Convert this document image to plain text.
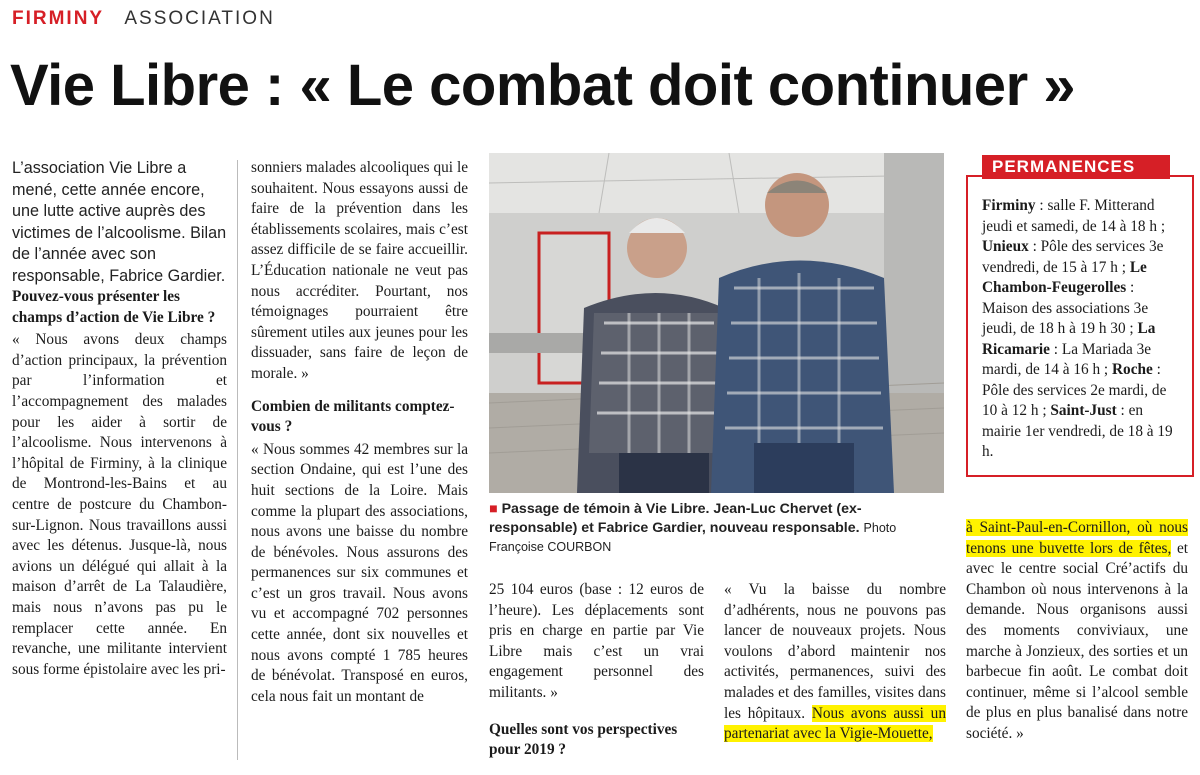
FIRMINY ASSOCIATION
Vie Libre : « Le combat doit continuer »

L’association Vie Libre a mené, cette année encore, une lutte active auprès des victimes de l’alcoolisme. Bilan de l’année avec son responsable, Fabrice Gardier.

Pouvez-vous présenter les champs d’action de Vie Libre ?

« Nous avons deux champs d’action principaux, la prévention par l’information et l’accompagnement des malades pour les aider à sortir de l’alcoolisme. Nous intervenons à l’hôpital de Firminy, à la clinique de Montrond-les-Bains et au centre de postcure du Chambon-sur-Lignon. Nous travaillons aussi avec les détenus. Jusque-là, nous avions un délégué qui allait à la maison d’arrêt de La Talaudière, mais nous n’avons pas pu le remplacer cette année. En revanche, une militante intervient sous forme épistolaire avec les pri-

sonniers malades alcooliques qui le souhaitent. Nous essayons aussi de faire de la prévention dans les établissements scolaires, mais c’est assez difficile de se faire accueillir. L’Éducation nationale ne veut pas nous accréditer. Pourtant, nos témoignages pourraient être sûrement utiles aux jeunes pour les dissuader, sans faire de leçon de morale. »

Combien de militants comptez-vous ?

« Nous sommes 42 membres sur la section Ondaine, qui est l’une des huit sections de la Loire. Mais comme la plupart des associations, nous avons une baisse du nombre de bénévoles. Nous assurons des permanences sur six communes et c’est un gros travail. Nous avons vu et accompagné 702 personnes cette année, dont six nouvelles et nous avons compté 1 785 heures de bénévolat. Transposé en euros, cela nous fait un montant de

■ Passage de témoin à Vie Libre. Jean-Luc Chervet (ex-responsable) et Fabrice Gardier, nouveau responsable. Photo Françoise COURBON

25 104 euros (base : 12 euros de l’heure). Les déplacements sont pris en charge en partie par Vie Libre mais c’est un vrai engagement personnel des militants. »

Quelles sont vos perspectives pour 2019 ?

« Vu la baisse du nombre d’adhérents, nous ne pouvons pas lancer de nouveaux projets. Nous voulons d’abord maintenir nos activités, permanences, suivi des malades et des familles, visites dans les hôpitaux. Nous avons aussi un partenariat avec la Vigie-Mouette,

PERMANENCES
Firminy : salle F. Mitterand jeudi et samedi, de 14 à 18 h ; Unieux : Pôle des services 3e vendredi, de 15 à 17 h ; Le Chambon-Feugerolles : Maison des associations 3e jeudi, de 18 h à 19 h 30 ; La Ricamarie : La Mariada 3e mardi, de 14 à 16 h ; Roche : Pôle des services 2e mardi, de 10 à 12 h ; Saint-Just : en mairie 1er vendredi, de 18 à 19 h.

à Saint-Paul-en-Cornillon, où nous tenons une buvette lors de fêtes, et avec le centre social Cré’actifs du Chambon où nous intervenons à la demande. Nous organisons aussi des moments conviviaux, une marche à Jonzieux, des sorties et un barbecue fin août. Le combat doit continuer, même si l’alcool semble de plus en plus banalisé dans notre société. »
